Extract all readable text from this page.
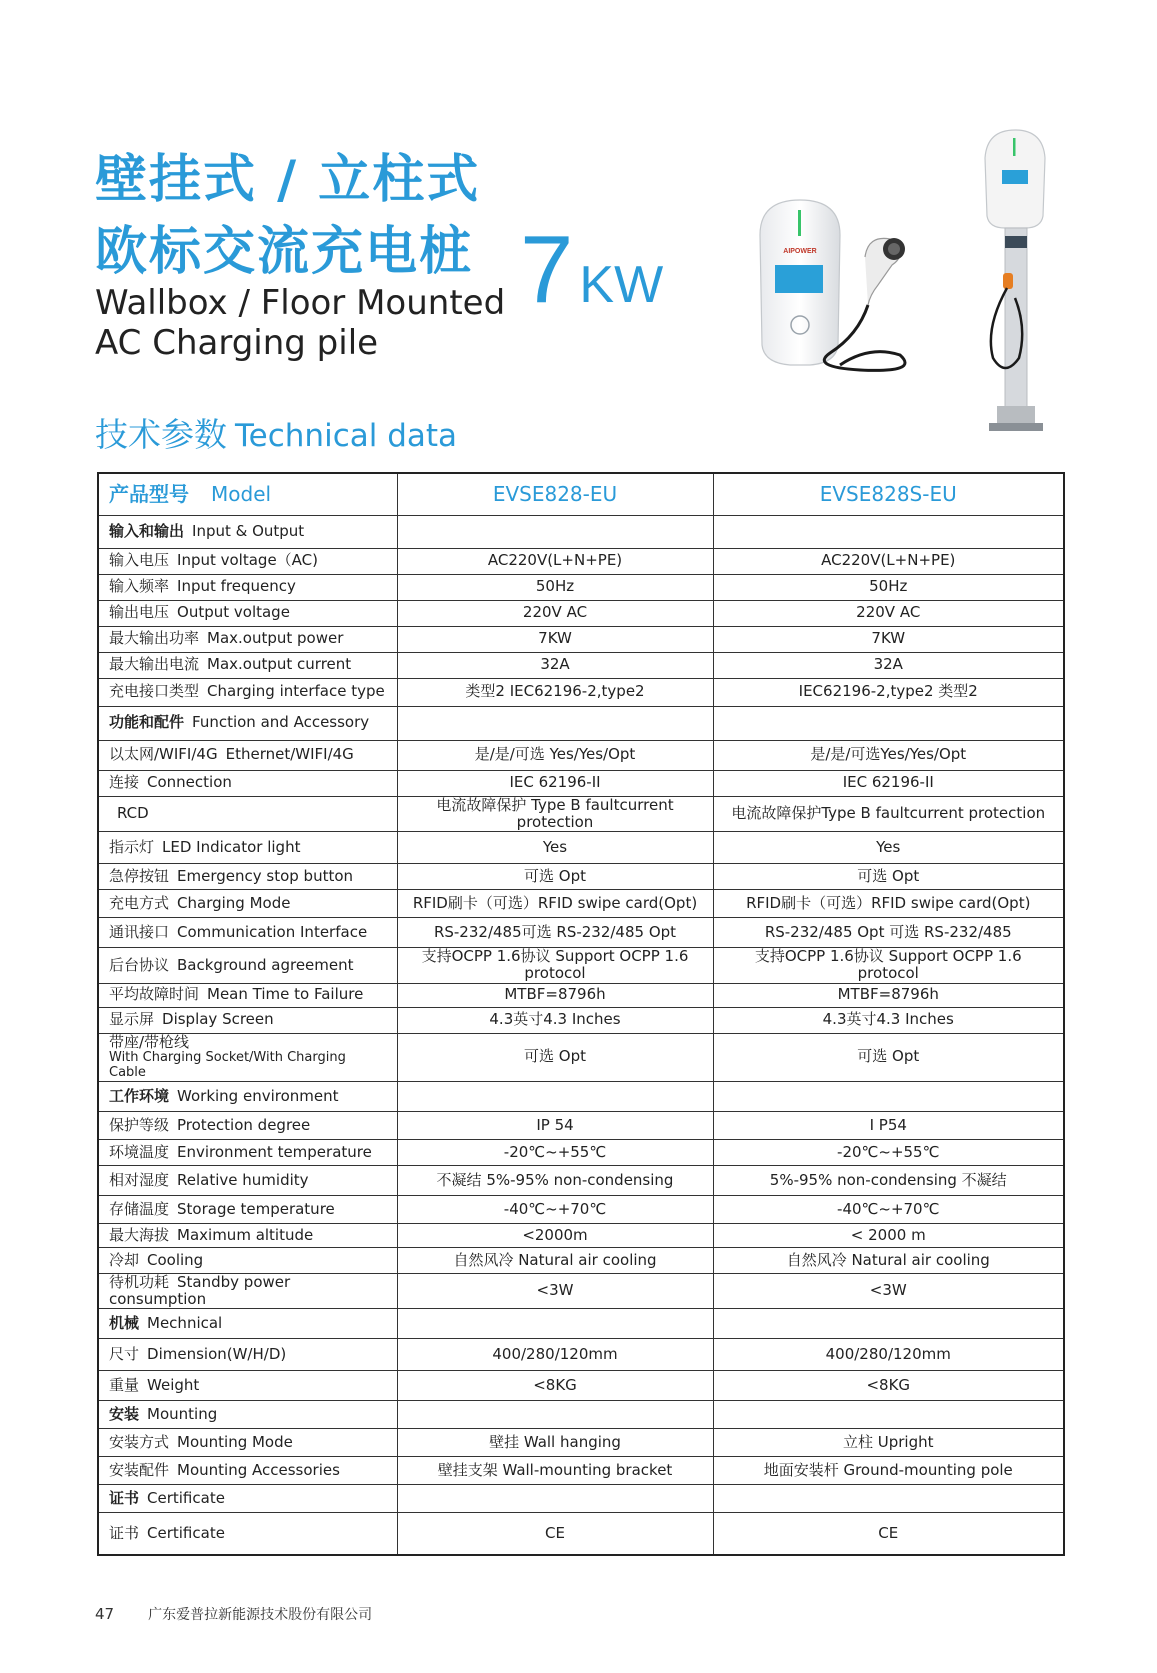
壁挂式 / 立柱式
欧标交流充电桩
Wallbox / Floor Mounted
AC Charging pile
7 KW
AIPOWER
技术参数 Technical data
产品型号 Model	EVSE828-EU	EVSE828S-EU
输入和输出 Input & Output		
输入电压 Input voltage（AC)	AC220V(L+N+PE)	AC220V(L+N+PE)
输入频率 Input frequency	50Hz	50Hz
输出电压 Output voltage	220V AC	220V AC
最大输出功率 Max.output power	7KW	7KW
最大输出电流 Max.output current	32A	32A
充电接口类型 Charging interface type	类型2 IEC62196-2,type2	IEC62196-2,type2 类型2
功能和配件 Function and Accessory		
以太网/WIFI/4G Ethernet/WIFI/4G	是/是/可选 Yes/Yes/Opt	是/是/可选Yes/Yes/Opt
连接 Connection	IEC 62196-II	IEC 62196-II
RCD	电流故障保护 Type B faultcurrent protection	电流故障保护Type B faultcurrent protection
指示灯 LED Indicator light	Yes	Yes
急停按钮 Emergency stop button	可选 Opt	可选 Opt
充电方式 Charging Mode	RFID刷卡（可选）RFID swipe card(Opt)	RFID刷卡（可选）RFID swipe card(Opt)
通讯接口 Communication Interface	RS-232/485可选 RS-232/485 Opt	RS-232/485 Opt 可选 RS-232/485
后台协议 Background agreement	支持OCPP 1.6协议 Support OCPP 1.6 protocol	支持OCPP 1.6协议 Support OCPP 1.6 protocol
平均故障时间 Mean Time to Failure	MTBF=8796h	MTBF=8796h
显示屏 Display Screen	4.3英寸4.3 Inches	4.3英寸4.3 Inches

带座/带枪线
With Charging Socket/With Charging Cable	可选 Opt	可选 Opt
工作环境 Working environment		
保护等级 Protection degree	IP 54	I P54
环境温度 Environment temperature	-20℃~+55℃	-20℃~+55℃
相对湿度 Relative humidity	不凝结 5%-95% non-condensing	5%-95% non-condensing 不凝结
存储温度 Storage temperature	-40℃~+70℃	-40℃~+70℃
最大海拔 Maximum altitude	<2000m	< 2000 m
冷却 Cooling	自然风冷 Natural air cooling	自然风冷 Natural air cooling
待机功耗 Standby power consumption	<3W	<3W
机械 Mechnical		
尺寸 Dimension(W/H/D)	400/280/120mm	400/280/120mm
重量 Weight	<8KG	<8KG
安装 Mounting		
安装方式 Mounting Mode	壁挂 Wall hanging	立柱 Upright
安装配件 Mounting Accessories	壁挂支架 Wall-mounting bracket	地面安装杆 Ground-mounting pole
证书 Certificate		
证书 Certificate	CE	CE
47 广东爱普拉新能源技术股份有限公司
